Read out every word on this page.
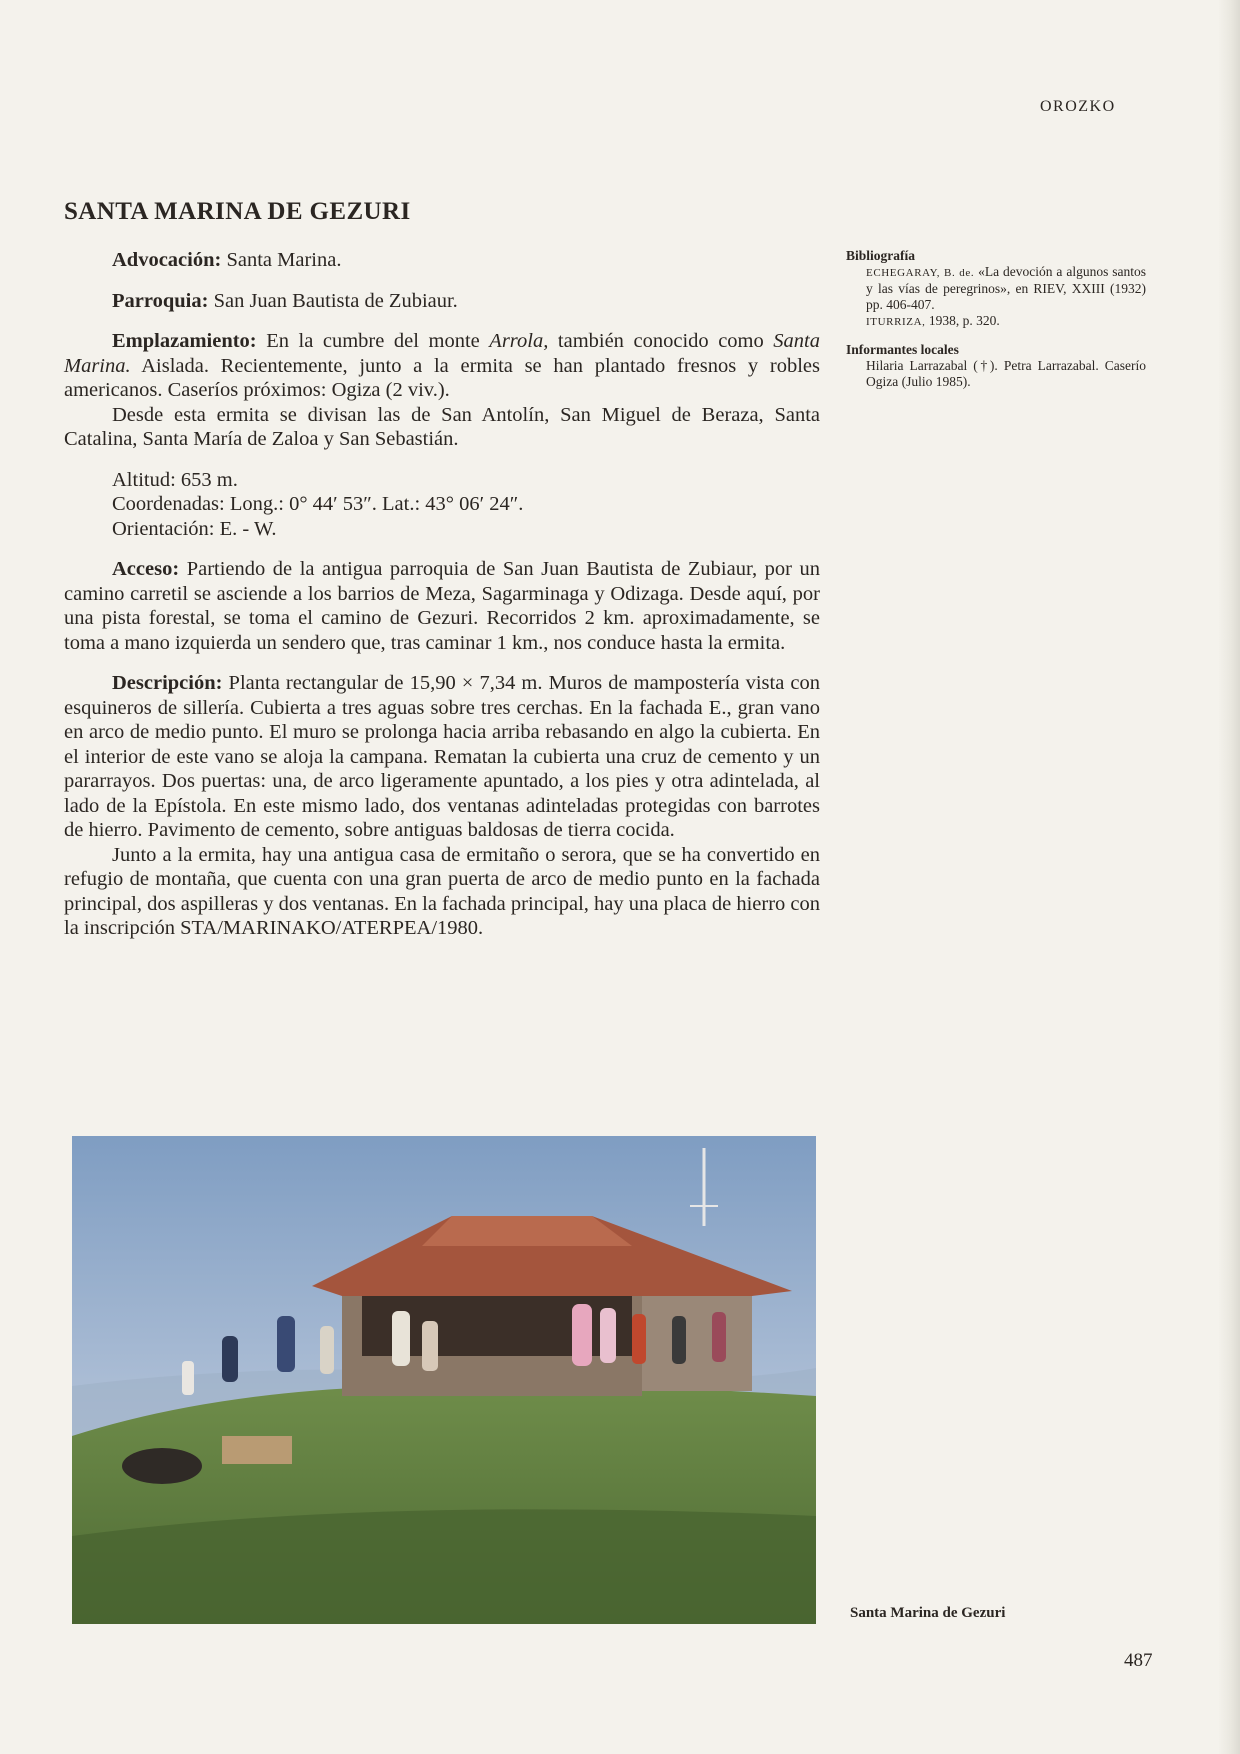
OROZKO
SANTA MARINA DE GEZURI

Advocación: Santa Marina.

Parroquia: San Juan Bautista de Zubiaur.

Emplazamiento: En la cumbre del monte Arrola, también conocido como Santa Marina. Aislada. Recientemente, junto a la ermita se han plantado fresnos y robles americanos. Caseríos próximos: Ogiza (2 viv.).

Desde esta ermita se divisan las de San Antolín, San Miguel de Beraza, Santa Catalina, Santa María de Zaloa y San Sebastián.

Altitud: 653 m.

Coordenadas: Long.: 0° 44′ 53″. Lat.: 43° 06′ 24″.

Orientación: E. - W.

Acceso: Partiendo de la antigua parroquia de San Juan Bautista de Zubiaur, por un camino carretil se asciende a los barrios de Meza, Sagarminaga y Odizaga. Desde aquí, por una pista forestal, se toma el camino de Gezuri. Recorridos 2 km. aproximadamente, se toma a mano izquierda un sendero que, tras caminar 1 km., nos conduce hasta la ermita.

Descripción: Planta rectangular de 15,90 × 7,34 m. Muros de mampostería vista con esquineros de sillería. Cubierta a tres aguas sobre tres cerchas. En la fachada E., gran vano en arco de medio punto. El muro se prolonga hacia arriba rebasando en algo la cubierta. En el interior de este vano se aloja la campana. Rematan la cubierta una cruz de cemento y un pararrayos. Dos puertas: una, de arco ligeramente apuntado, a los pies y otra adintelada, al lado de la Epístola. En este mismo lado, dos ventanas adinteladas protegidas con barrotes de hierro. Pavimento de cemento, sobre antiguas baldosas de tierra cocida.

Junto a la ermita, hay una antigua casa de ermitaño o serora, que se ha convertido en refugio de montaña, que cuenta con una gran puerta de arco de medio punto en la fachada principal, dos aspilleras y dos ventanas. En la fachada principal, hay una placa de hierro con la inscripción STA/MARINAKO/ATERPEA/1980.

Bibliografía
ECHEGARAY, B. de. «La devoción a algunos santos y las vías de peregrinos», en RIEV, XXIII (1932) pp. 406-407.
ITURRIZA, 1938, p. 320.
Informantes locales
Hilaria Larrazabal (†). Petra Larrazabal. Caserío Ogiza (Julio 1985).
Santa Marina de Gezuri
487
